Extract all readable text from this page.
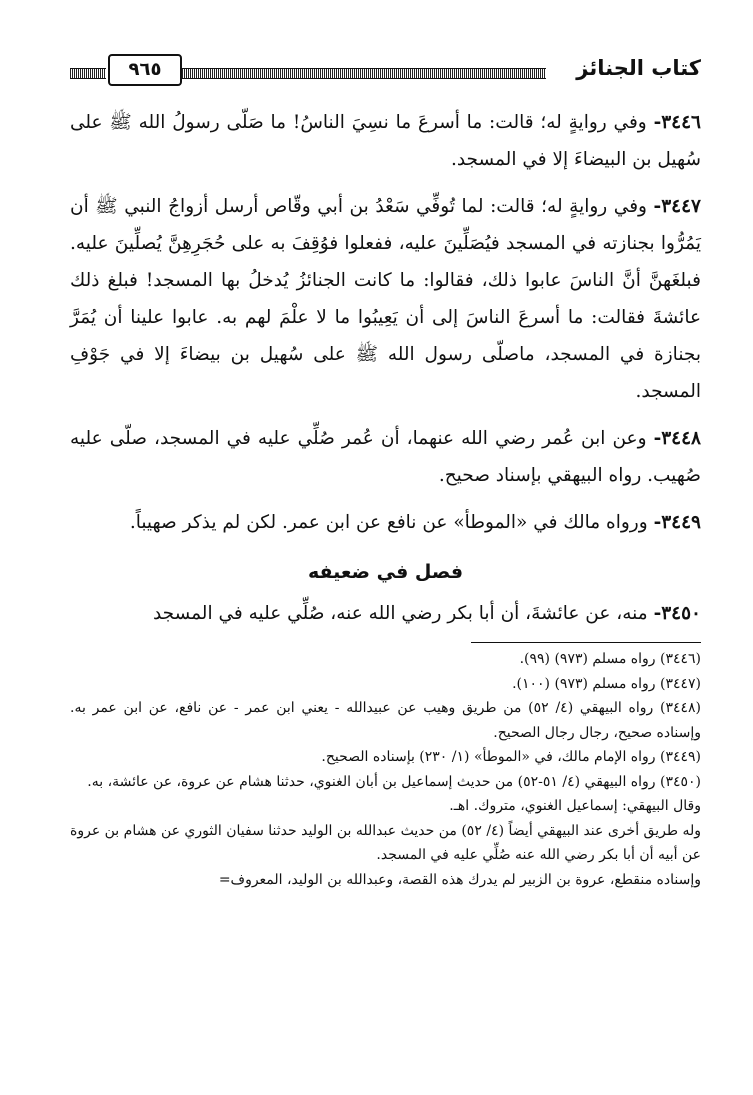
كتاب الجنائز
٩٦٥

٣٤٤٦- وفي روايةٍ له؛ قالت: ما أسرعَ ما نسِيَ الناسُ! ما صَلّى رسولُ الله ﷺ على سُهيل بن البيضاءَ إلا في المسجد.

٣٤٤٧- وفي روايةٍ له؛ قالت: لما تُوفِّي سَعْدُ بن أبي وقّاص أرسل أزواجُ النبي ﷺ أن يَمُرُّوا بجنازته في المسجد فيُصَلِّينَ عليه، ففعلوا فوُقِفَ به على حُجَرِهِنَّ يُصلِّينَ عليه. فبلغَهنَّ أنَّ الناسَ عابوا ذلك، فقالوا: ما كانت الجنائزُ يُدخلُ بها المسجد! فبلغ ذلك عائشةَ فقالت: ما أسرعَ الناسَ إلى أن يَعِيبُوا ما لا علْمَ لهم به. عابوا علينا أن يُمَرَّ بجنازة في المسجد، ماصلّى رسول الله ﷺ على سُهيل بن بيضاءَ إلا في جَوْفِ المسجد.

٣٤٤٨- وعن ابن عُمر رضي الله عنهما، أن عُمر صُلِّي عليه في المسجد، صلّى عليه صُهيب. رواه البيهقي بإسناد صحيح.

٣٤٤٩- ورواه مالك في «الموطأ» عن نافع عن ابن عمر. لكن لم يذكر صهيباً.

فصل في ضعيفه

٣٤٥٠- منه، عن عائشةَ، أن أبا بكر رضي الله عنه، صُلِّي عليه في المسجد

(٣٤٤٦) رواه مسلم (٩٧٣) (٩٩).

(٣٤٤٧) رواه مسلم (٩٧٣) (١٠٠).

(٣٤٤٨) رواه البيهقي (٤/ ٥٢) من طريق وهيب عن عبيدالله - يعني ابن عمر - عن نافع، عن ابن عمر به. وإسناده صحيح، رجال رجال الصحيح.

(٣٤٤٩) رواه الإمام مالك، في «الموطأ» (١/ ٢٣٠) بإسناده الصحيح.

(٣٤٥٠) رواه البيهقي (٤/ ٥١-٥٢) من حديث إسماعيل بن أبان الغنوي، حدثنا هشام عن عروة، عن عائشة، به.

وقال البيهقي: إسماعيل الغنوي، متروك. اهـ.

وله طريق أخرى عند البيهقي أيضاً (٤/ ٥٢) من حديث عبدالله بن الوليد حدثنا سفيان الثوري عن هشام بن عروة عن أبيه أن أبا بكر رضي الله عنه صُلِّي عليه في المسجد.

وإسناده منقطع، عروة بن الزبير لم يدرك هذه القصة، وعبدالله بن الوليد، المعروف=
